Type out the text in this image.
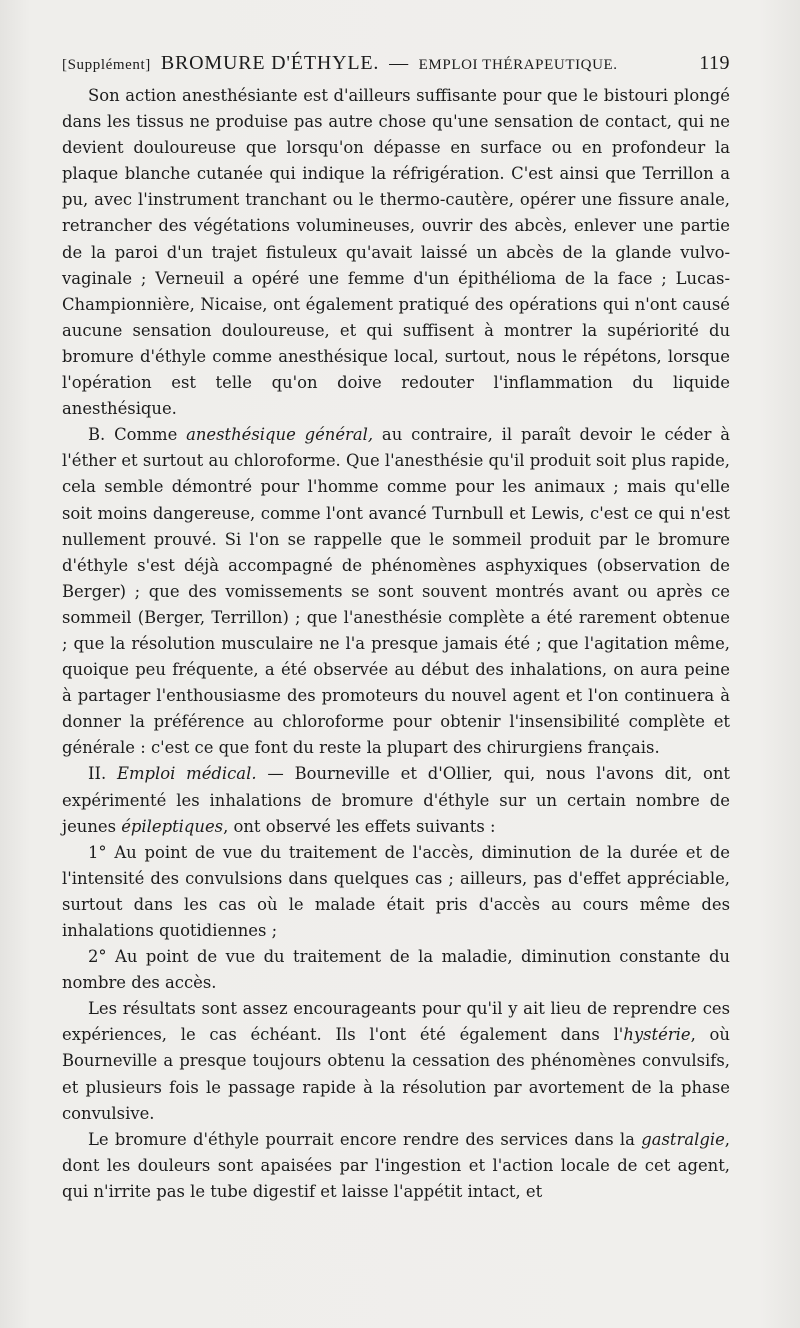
[Supplément] BROMURE D'ÉTHYLE. — EMPLOI THÉRAPEUTIQUE.	119

Son action anesthésiante est d'ailleurs suffisante pour que le bistouri plongé dans les tissus ne produise pas autre chose qu'une sensation de contact, qui ne devient douloureuse que lorsqu'on dépasse en surface ou en profondeur la plaque blanche cutanée qui indique la réfrigération. C'est ainsi que Terrillon a pu, avec l'instrument tranchant ou le thermo-cautère, opérer une fissure anale, retrancher des végétations volumineuses, ouvrir des abcès, enlever une partie de la paroi d'un trajet fistuleux qu'avait laissé un abcès de la glande vulvo-vaginale ; Verneuil a opéré une femme d'un épithélioma de la face ; Lucas-Championnière, Nicaise, ont également pratiqué des opérations qui n'ont causé aucune sensation douloureuse, et qui suffisent à montrer la supériorité du bromure d'éthyle comme anesthésique local, surtout, nous le répétons, lorsque l'opération est telle qu'on doive redouter l'inflammation du liquide anesthésique.

B. Comme anesthésique général, au contraire, il paraît devoir le céder à l'éther et surtout au chloroforme. Que l'anesthésie qu'il produit soit plus rapide, cela semble démontré pour l'homme comme pour les animaux ; mais qu'elle soit moins dangereuse, comme l'ont avancé Turnbull et Lewis, c'est ce qui n'est nullement prouvé. Si l'on se rappelle que le sommeil produit par le bromure d'éthyle s'est déjà accompagné de phénomènes asphyxiques (observation de Berger) ; que des vomissements se sont souvent montrés avant ou après ce sommeil (Berger, Terrillon) ; que l'anesthésie complète a été rarement obtenue ; que la résolution musculaire ne l'a presque jamais été ; que l'agitation même, quoique peu fréquente, a été observée au début des inhalations, on aura peine à partager l'enthousiasme des promoteurs du nouvel agent et l'on continuera à donner la préférence au chloroforme pour obtenir l'insensibilité complète et générale : c'est ce que font du reste la plupart des chirurgiens français.

II. Emploi médical. — Bourneville et d'Ollier, qui, nous l'avons dit, ont expérimenté les inhalations de bromure d'éthyle sur un certain nombre de jeunes épileptiques, ont observé les effets suivants :

1° Au point de vue du traitement de l'accès, diminution de la durée et de l'intensité des convulsions dans quelques cas ; ailleurs, pas d'effet appréciable, surtout dans les cas où le malade était pris d'accès au cours même des inhalations quotidiennes ;

2° Au point de vue du traitement de la maladie, diminution constante du nombre des accès.

Les résultats sont assez encourageants pour qu'il y ait lieu de reprendre ces expériences, le cas échéant. Ils l'ont été également dans l'hystérie, où Bourneville a presque toujours obtenu la cessation des phénomènes convulsifs, et plusieurs fois le passage rapide à la résolution par avortement de la phase convulsive.

Le bromure d'éthyle pourrait encore rendre des services dans la gastralgie, dont les douleurs sont apaisées par l'ingestion et l'action locale de cet agent, qui n'irrite pas le tube digestif et laisse l'appétit intact, et
